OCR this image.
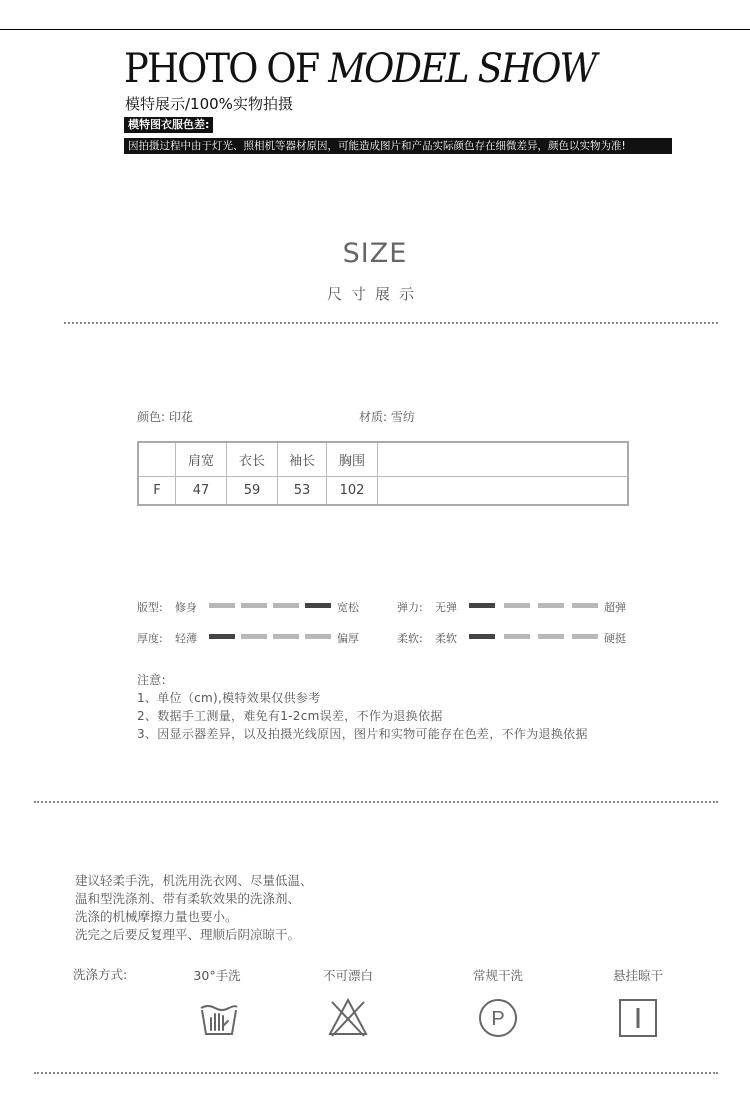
PHOTO OF MODEL SHOW
模特展示/100%实物拍摄
模特图衣服色差:
因拍摄过程中由于灯光、照相机等器材原因，可能造成图片和产品实际颜色存在细微差异，颜色以实物为准!
SIZE
尺寸展示
颜色: 印花	材质: 雪纺
	肩宽	衣长	袖长	胸围	
F	47	59	53	102	
版型: 修身	宽松	弹力: 无弹	超弹
厚度: 轻薄	偏厚	柔软: 柔软	硬挺
注意:
1、单位（cm),模特效果仅供参考
2、数据手工测量，难免有1-2cm误差，不作为退换依据
3、因显示器差异，以及拍摄光线原因，图片和实物可能存在色差，不作为退换依据
建议轻柔手洗，机洗用洗衣网、尽量低温、
温和型洗涤剂、带有柔软效果的洗涤剂、
洗涤的机械摩擦力量也要小。
洗完之后要反复理平、理顺后阴凉晾干。
洗涤方式:	30°手洗	不可漂白	常规干洗	悬挂晾干
P
